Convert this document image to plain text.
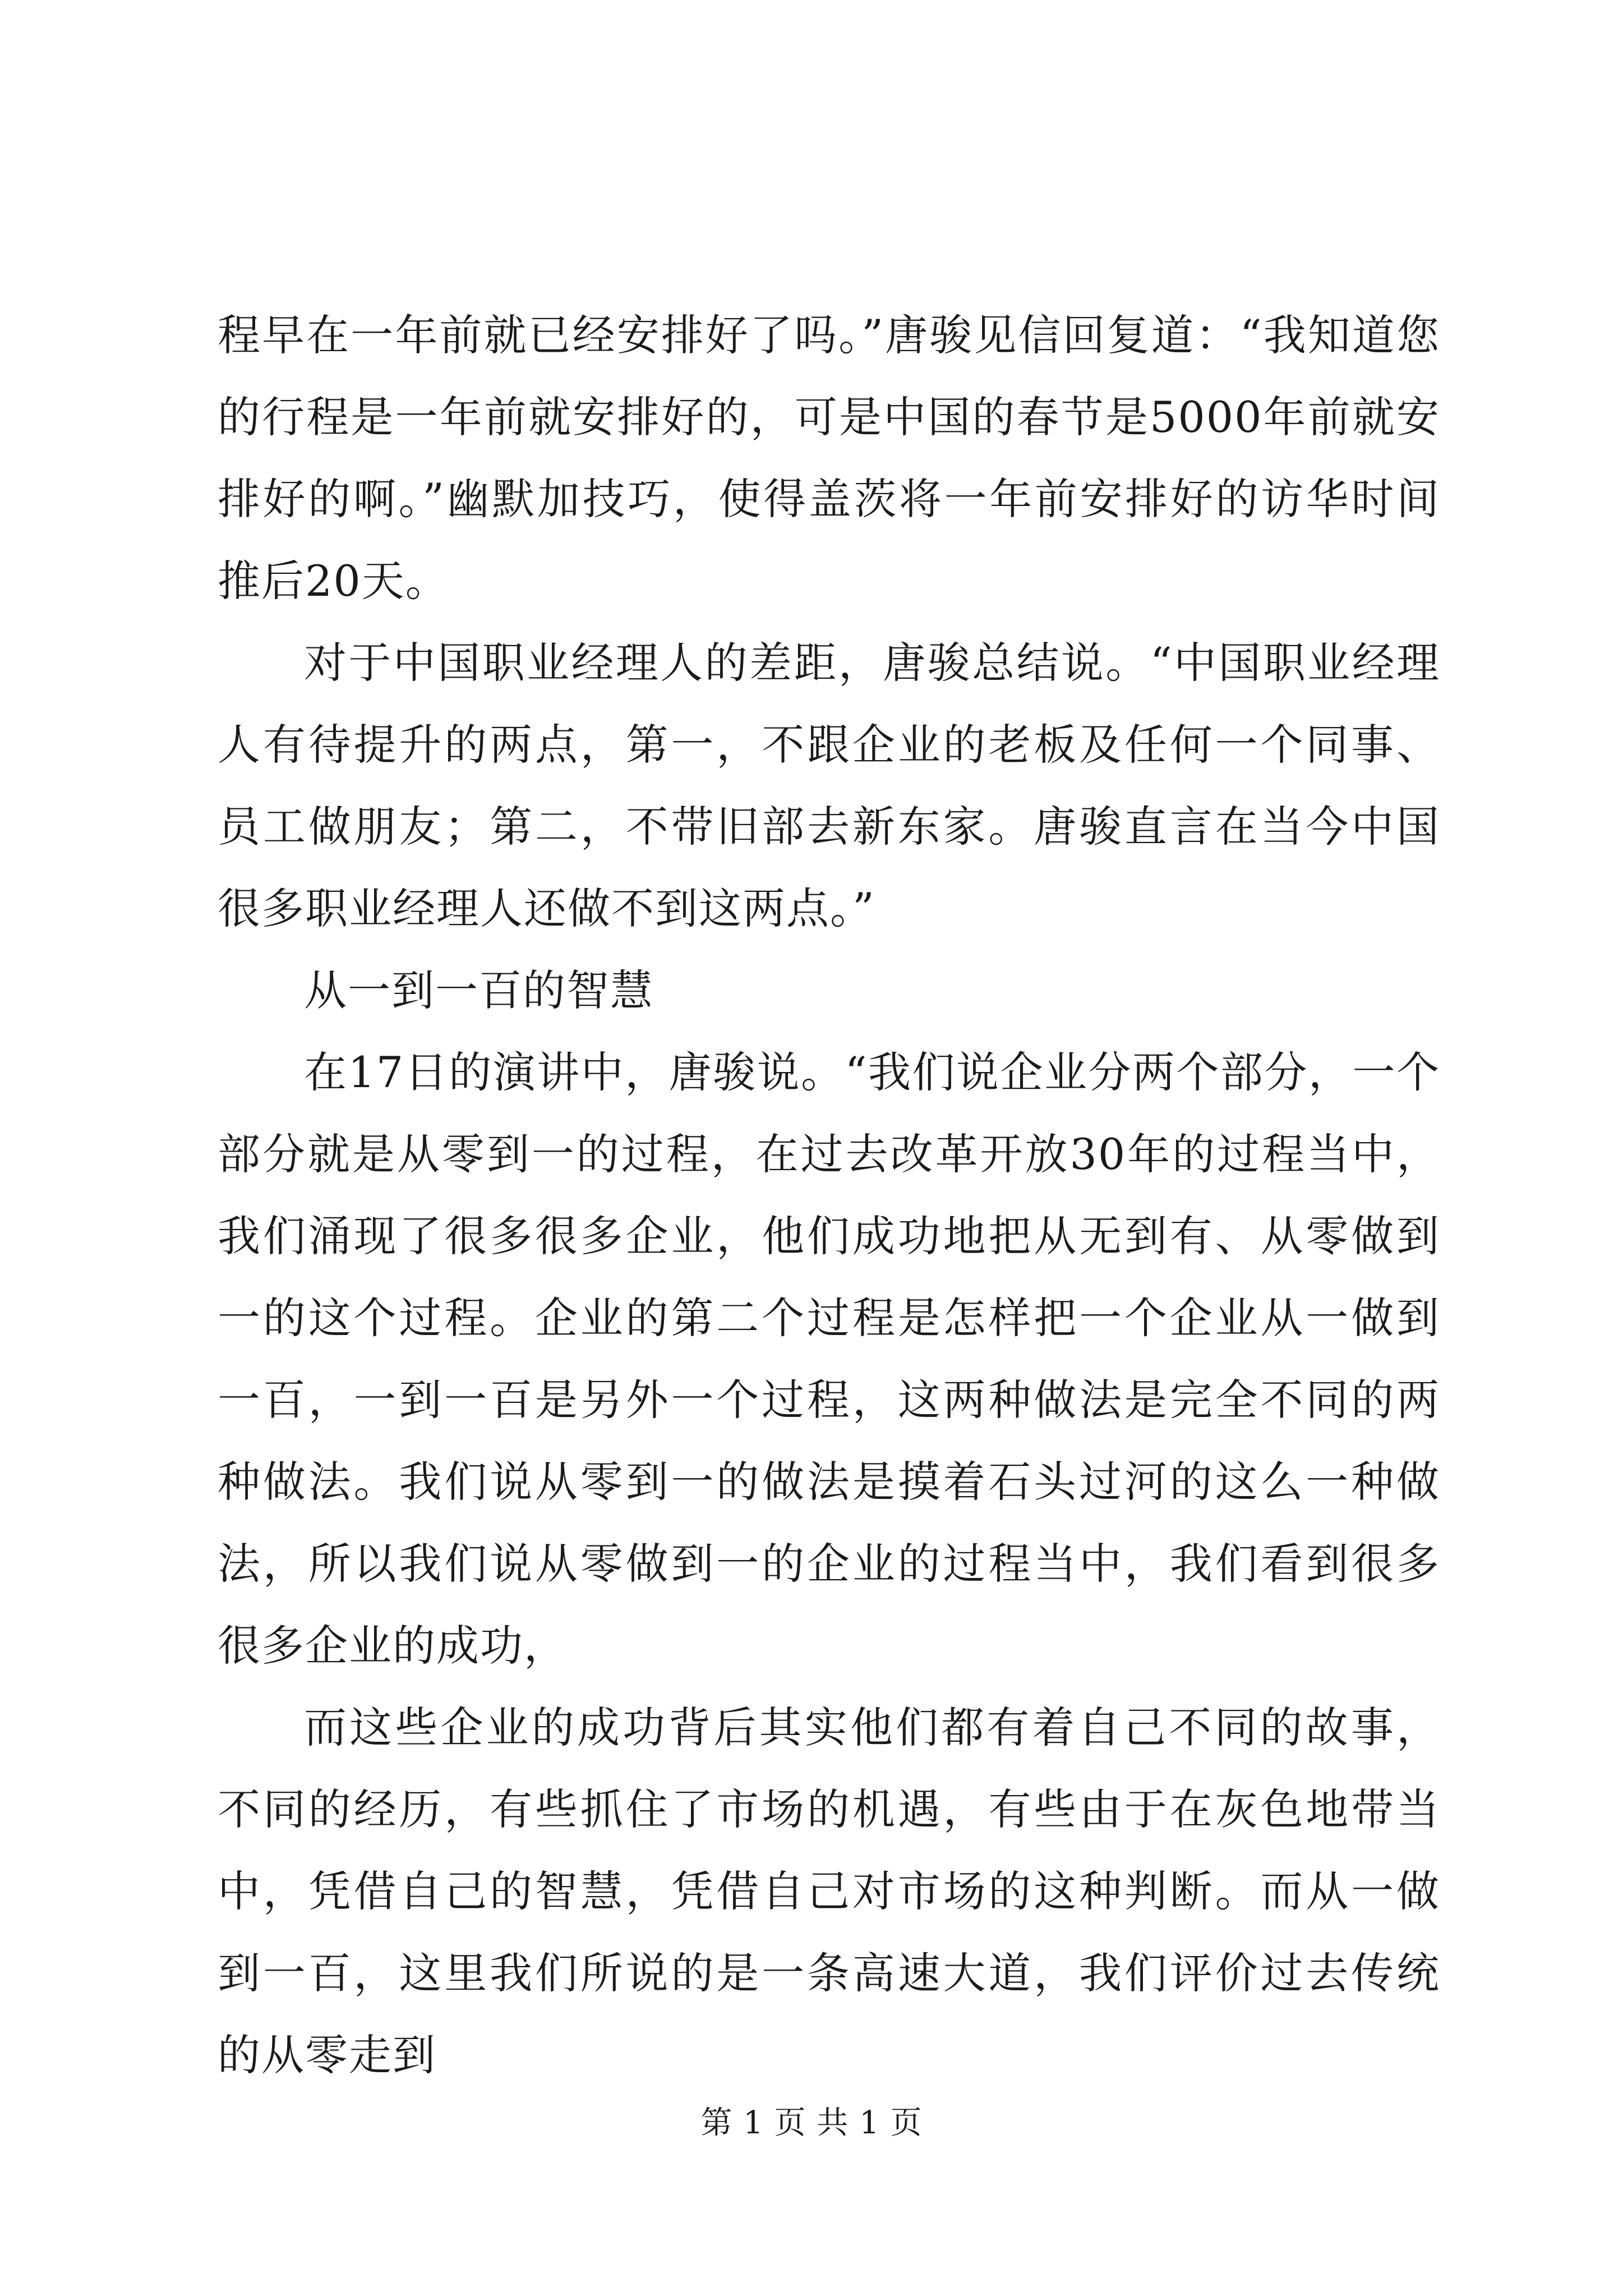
程早在一年前就已经安排好了吗。”唐骏见信回复道：“我知道您的行程是一年前就安排好的，可是中国的春节是5000年前就安排好的啊。”幽默加技巧，使得盖茨将一年前安排好的访华时间推后20天。

对于中国职业经理人的差距，唐骏总结说。“中国职业经理人有待提升的两点，第一，不跟企业的老板及任何一个同事、员工做朋友；第二，不带旧部去新东家。唐骏直言在当今中国很多职业经理人还做不到这两点。”

从一到一百的智慧

在17日的演讲中，唐骏说。“我们说企业分两个部分，一个部分就是从零到一的过程，在过去改革开放30年的过程当中，我们涌现了很多很多企业，他们成功地把从无到有、从零做到一的这个过程。企业的第二个过程是怎样把一个企业从一做到一百，一到一百是另外一个过程，这两种做法是完全不同的两种做法。我们说从零到一的做法是摸着石头过河的这么一种做法，所以我们说从零做到一的企业的过程当中，我们看到很多很多企业的成功，

而这些企业的成功背后其实他们都有着自己不同的故事，不同的经历，有些抓住了市场的机遇，有些由于在灰色地带当中，凭借自己的智慧，凭借自己对市场的这种判断。而从一做到一百，这里我们所说的是一条高速大道，我们评价过去传统的从零走到

第 1 页 共 1 页
